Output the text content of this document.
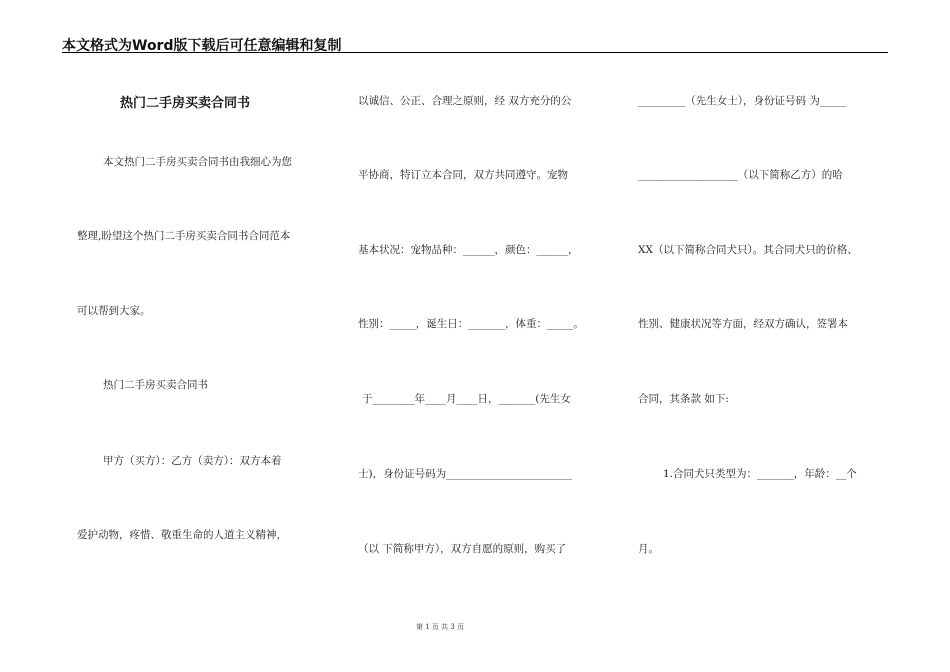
本文格式为Word版下载后可任意编辑和复制
热门二手房买卖合同书
本文热门二手房买卖合同书由我细心为您
整理,盼望这个热门二手房买卖合同书合同范本
可以帮到大家。
热门二手房买卖合同书
甲方（买方）：乙方（卖方）：双方本着
爱护动物，疼惜、敬重生命的人道主义精神，
以诚信、公正、合理之原则，经 双方充分的公
平协商，特订立本合同，双方共同遵守。宠物
基本状况：宠物品种：______，颜色：______，
性别：_____，诞生日：_______，体重：_____。
于________年____月____日，_______(先生女
士)，身份证号码为________________________
（以 下简称甲方），双方自愿的原则，购买了
_________（先生女士），身份证号码 为_____
___________________（以下简称乙方）的哈
XX（以下简称合同犬只）。其合同犬只的价格、
性别、健康状况等方面，经双方确认，签署本
合同，其条款 如下:
1.合同犬只类型为：_______，年龄：__个
月。
第 1 页 共 3 页
